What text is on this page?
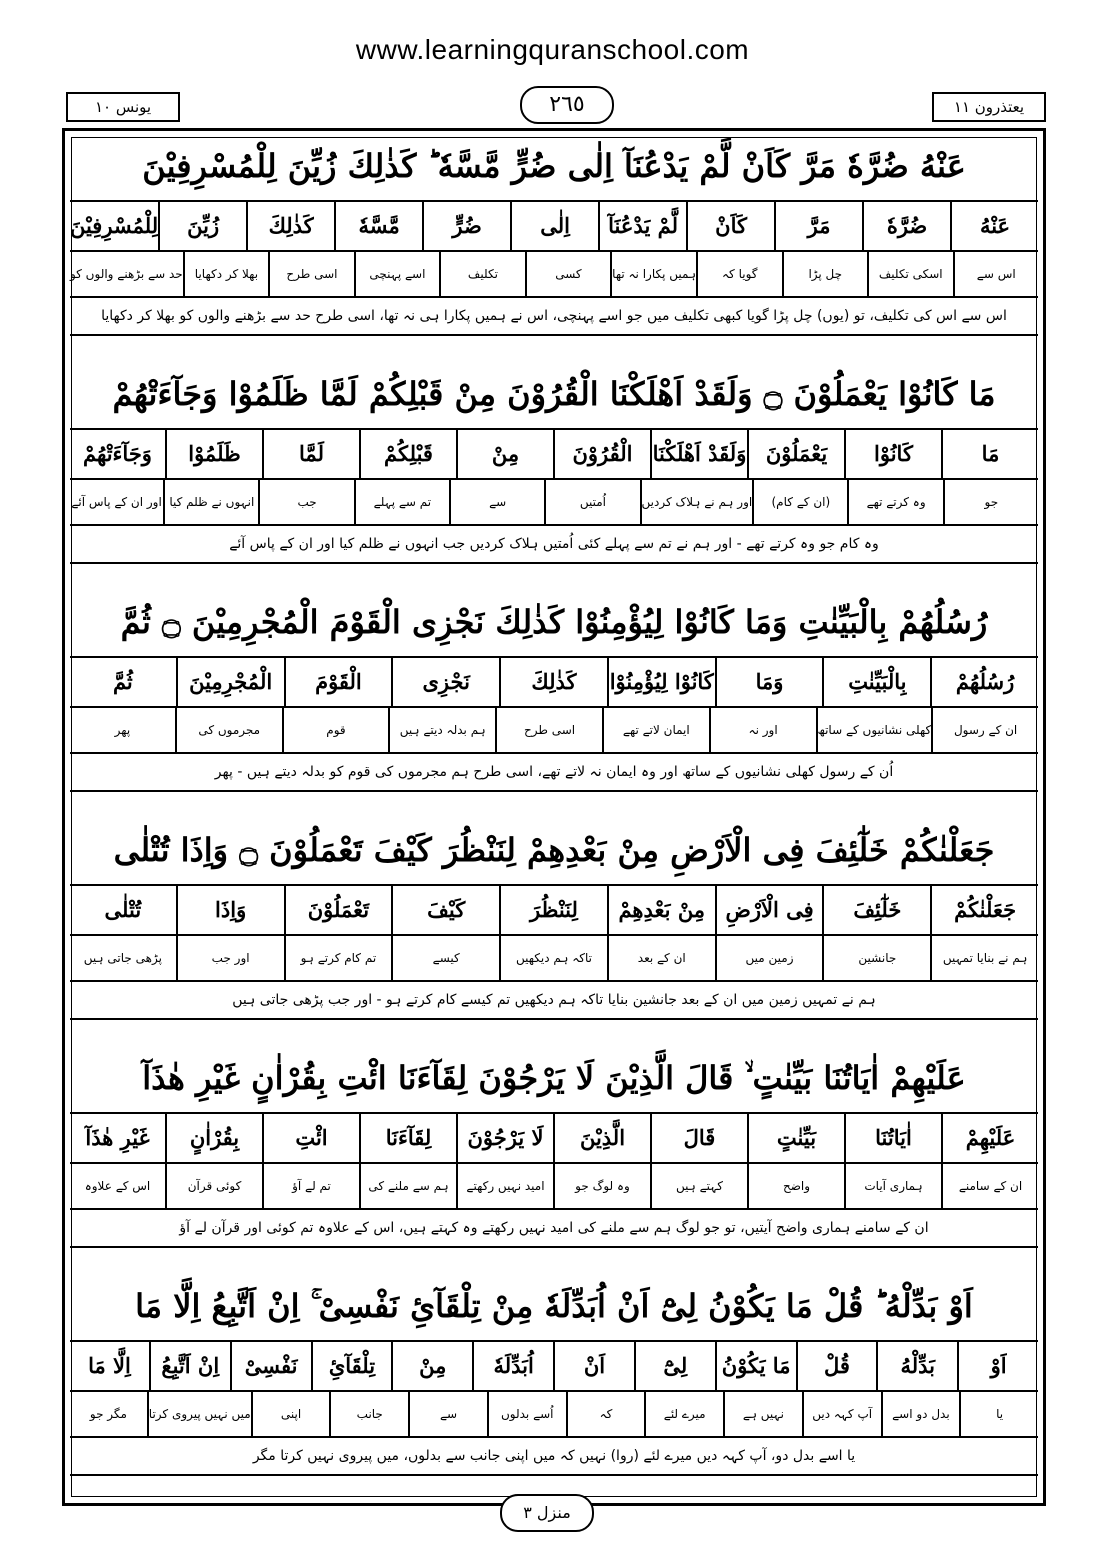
www.learningquranschool.com
يعتذرون ١١
٢٦٥
يونس ١٠
عَنْهُ ضُرَّهٗ مَرَّ كَاَنْ لَّمْ يَدْعُنَآ اِلٰى ضُرٍّ مَّسَّهٗ ؕ كَذٰلِكَ زُيِّنَ لِلْمُسْرِفِيْنَ
عَنْهُ
ضُرَّهٗ
مَرَّ
كَاَنْ
لَّمْ يَدْعُنَآ
اِلٰى
ضُرٍّ
مَّسَّهٗ
كَذٰلِكَ
زُيِّنَ
لِلْمُسْرِفِيْنَ
اس سے
اسکی تکلیف
چل پڑا
گویا کہ
ہمیں پکارا نہ تھا
کسی
تکلیف
اسے پہنچی
اسی طرح
بھلا کر دکھایا
حد سے بڑھنے والوں کو
اس سے اس کی تکلیف، تو (یوں) چل پڑا گویا کبھی تکلیف میں جو اسے پہنچی، اس نے ہمیں پکارا ہی نہ تھا، اسی طرح حد سے بڑھنے والوں کو بھلا کر دکھایا
مَا كَانُوْا يَعْمَلُوْنَ ۝ وَلَقَدْ اَهْلَكْنَا الْقُرُوْنَ مِنْ قَبْلِكُمْ لَمَّا ظَلَمُوْا وَجَآءَتْهُمْ
مَا
كَانُوْا
يَعْمَلُوْنَ
وَلَقَدْ اَهْلَكْنَا
الْقُرُوْنَ
مِنْ
قَبْلِكُمْ
لَمَّا
ظَلَمُوْا
وَجَآءَتْهُمْ
جو
وہ کرتے تھے
(ان کے کام)
اور ہم نے ہلاک کردیں
اُمتیں
سے
تم سے پہلے
جب
انہوں نے ظلم کیا
اور ان کے پاس آئے
وہ کام جو وہ کرتے تھے - اور ہم نے تم سے پہلے کئی اُمتیں ہلاک کردیں جب انہوں نے ظلم کیا اور ان کے پاس آئے
رُسُلُهُمْ بِالْبَيِّنٰتِ وَمَا كَانُوْا لِيُؤْمِنُوْا كَذٰلِكَ نَجْزِى الْقَوْمَ الْمُجْرِمِيْنَ ۝ ثُمَّ
رُسُلُهُمْ
بِالْبَيِّنٰتِ
وَمَا
كَانُوْا لِيُؤْمِنُوْا
كَذٰلِكَ
نَجْزِى
الْقَوْمَ
الْمُجْرِمِيْنَ
ثُمَّ
ان کے رسول
کھلی نشانیوں کے ساتھ
اور نہ
ایمان لاتے تھے
اسی طرح
ہم بدلہ دیتے ہیں
قوم
مجرموں کی
پھر
اُن کے رسول کھلی نشانیوں کے ساتھ اور وہ ایمان نہ لاتے تھے، اسی طرح ہم مجرموں کی قوم کو بدلہ دیتے ہیں - پھر
جَعَلْنٰكُمْ خَلٰٓئِفَ فِى الْاَرْضِ مِنْ بَعْدِهِمْ لِنَنْظُرَ كَيْفَ تَعْمَلُوْنَ ۝ وَاِذَا تُتْلٰى
جَعَلْنٰكُمْ
خَلٰٓئِفَ
فِى الْاَرْضِ
مِنْ بَعْدِهِمْ
لِنَنْظُرَ
كَيْفَ
تَعْمَلُوْنَ
وَاِذَا
تُتْلٰى
ہم نے بنایا تمہیں
جانشین
زمین میں
ان کے بعد
تاکہ ہم دیکھیں
کیسے
تم کام کرتے ہو
اور جب
پڑھی جاتی ہیں
ہم نے تمہیں زمین میں ان کے بعد جانشین بنایا تاکہ ہم دیکھیں تم کیسے کام کرتے ہو - اور جب پڑھی جاتی ہیں
عَلَيْهِمْ اٰيَاتُنَا بَيِّنٰتٍ ۙ قَالَ الَّذِيْنَ لَا يَرْجُوْنَ لِقَآءَنَا ائْتِ بِقُرْاٰنٍ غَيْرِ هٰذَآ
عَلَيْهِمْ
اٰيَاتُنَا
بَيِّنٰتٍ
قَالَ
الَّذِيْنَ
لَا يَرْجُوْنَ
لِقَآءَنَا
ائْتِ
بِقُرْاٰنٍ
غَيْرِ هٰذَآ
ان کے سامنے
ہماری آیات
واضح
کہتے ہیں
وہ لوگ جو
امید نہیں رکھتے
ہم سے ملنے کی
تم لے آؤ
کوئی قرآن
اس کے علاوہ
ان کے سامنے ہماری واضح آیتیں، تو جو لوگ ہم سے ملنے کی امید نہیں رکھتے وہ کہتے ہیں، اس کے علاوہ تم کوئی اور قرآن لے آؤ
اَوْ بَدِّلْهُ ؕ قُلْ مَا يَكُوْنُ لِىْٓ اَنْ اُبَدِّلَهٗ مِنْ تِلْقَآئِ نَفْسِىْ ۚ اِنْ اَتَّبِعُ اِلَّا مَا
اَوْ
بَدِّلْهُ
قُلْ
مَا يَكُوْنُ
لِىْٓ
اَنْ
اُبَدِّلَهٗ
مِنْ
تِلْقَآئِ
نَفْسِىْ
اِنْ اَتَّبِعُ
اِلَّا مَا
یا
بدل دو اسے
آپ کہہ دیں
نہیں ہے
میرے لئے
کہ
اُسے بدلوں
سے
جانب
اپنی
میں نہیں پیروی کرتا
مگر جو
یا اسے بدل دو، آپ کہہ دیں میرے لئے (روا) نہیں کہ میں اپنی جانب سے بدلوں، میں پیروی نہیں کرتا مگر
منزل ٣
